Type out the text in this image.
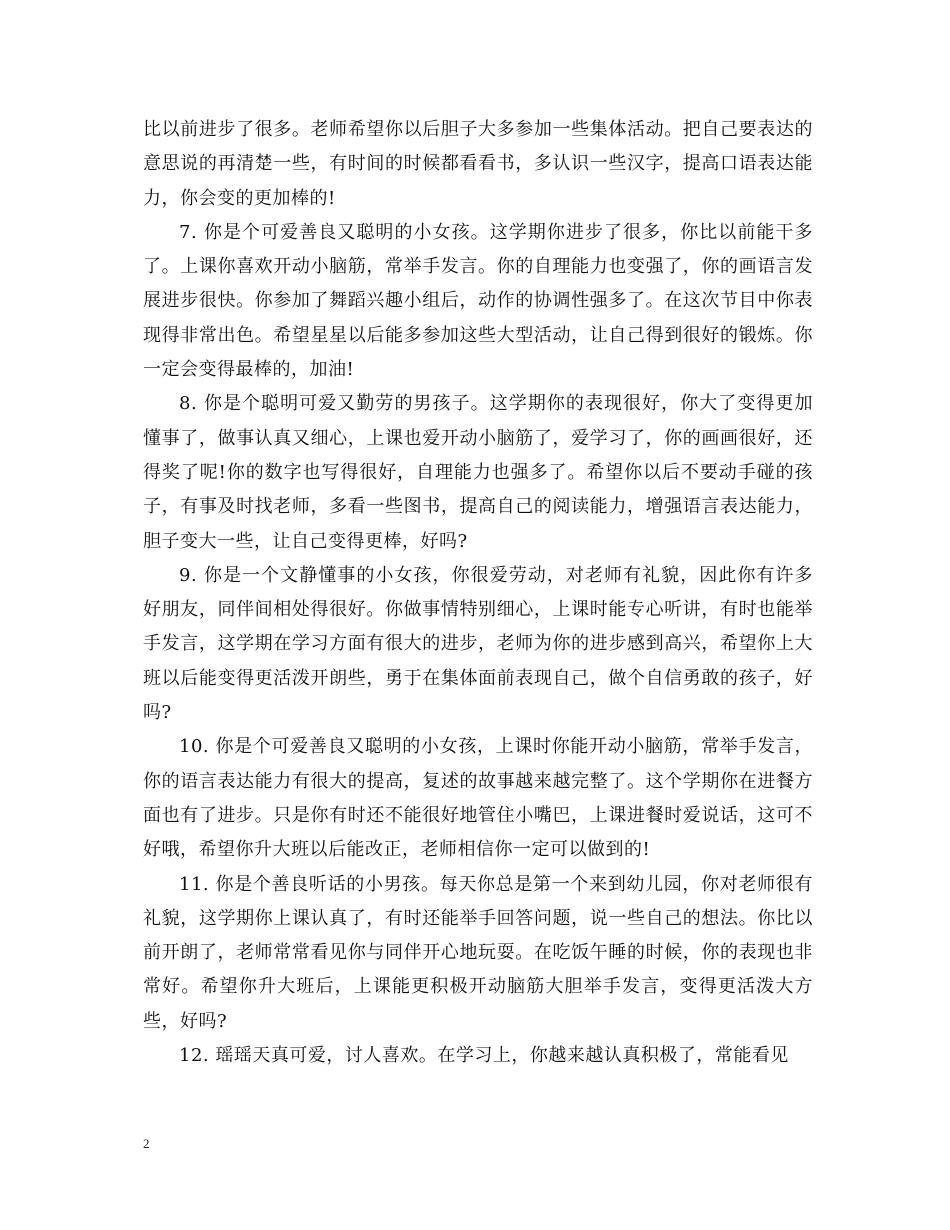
比以前进步了很多。老师希望你以后胆子大多参加一些集体活动。把自己要表达的意思说的再清楚一些，有时间的时候都看看书，多认识一些汉字，提高口语表达能力，你会变的更加棒的!

7. 你是个可爱善良又聪明的小女孩。这学期你进步了很多，你比以前能干多了。上课你喜欢开动小脑筋，常举手发言。你的自理能力也变强了，你的画语言发展进步很快。你参加了舞蹈兴趣小组后，动作的协调性强多了。在这次节目中你表现得非常出色。希望星星以后能多参加这些大型活动，让自己得到很好的锻炼。你一定会变得最棒的，加油!

8. 你是个聪明可爱又勤劳的男孩子。这学期你的表现很好，你大了变得更加懂事了，做事认真又细心，上课也爱开动小脑筋了，爱学习了，你的画画很好，还得奖了呢!你的数字也写得很好，自理能力也强多了。希望你以后不要动手碰的孩子，有事及时找老师，多看一些图书，提高自己的阅读能力，增强语言表达能力，胆子变大一些，让自己变得更棒，好吗?

9. 你是一个文静懂事的小女孩，你很爱劳动，对老师有礼貌，因此你有许多好朋友，同伴间相处得很好。你做事情特别细心，上课时能专心听讲，有时也能举手发言，这学期在学习方面有很大的进步，老师为你的进步感到高兴，希望你上大班以后能变得更活泼开朗些，勇于在集体面前表现自己，做个自信勇敢的孩子，好吗?

10. 你是个可爱善良又聪明的小女孩，上课时你能开动小脑筋，常举手发言，你的语言表达能力有很大的提高，复述的故事越来越完整了。这个学期你在进餐方面也有了进步。只是你有时还不能很好地管住小嘴巴，上课进餐时爱说话，这可不好哦，希望你升大班以后能改正，老师相信你一定可以做到的!

11. 你是个善良听话的小男孩。每天你总是第一个来到幼儿园，你对老师很有礼貌，这学期你上课认真了，有时还能举手回答问题，说一些自己的想法。你比以前开朗了，老师常常看见你与同伴开心地玩耍。在吃饭午睡的时候，你的表现也非常好。希望你升大班后，上课能更积极开动脑筋大胆举手发言，变得更活泼大方些，好吗?

12. 瑶瑶天真可爱，讨人喜欢。在学习上，你越来越认真积极了，常能看见

2
